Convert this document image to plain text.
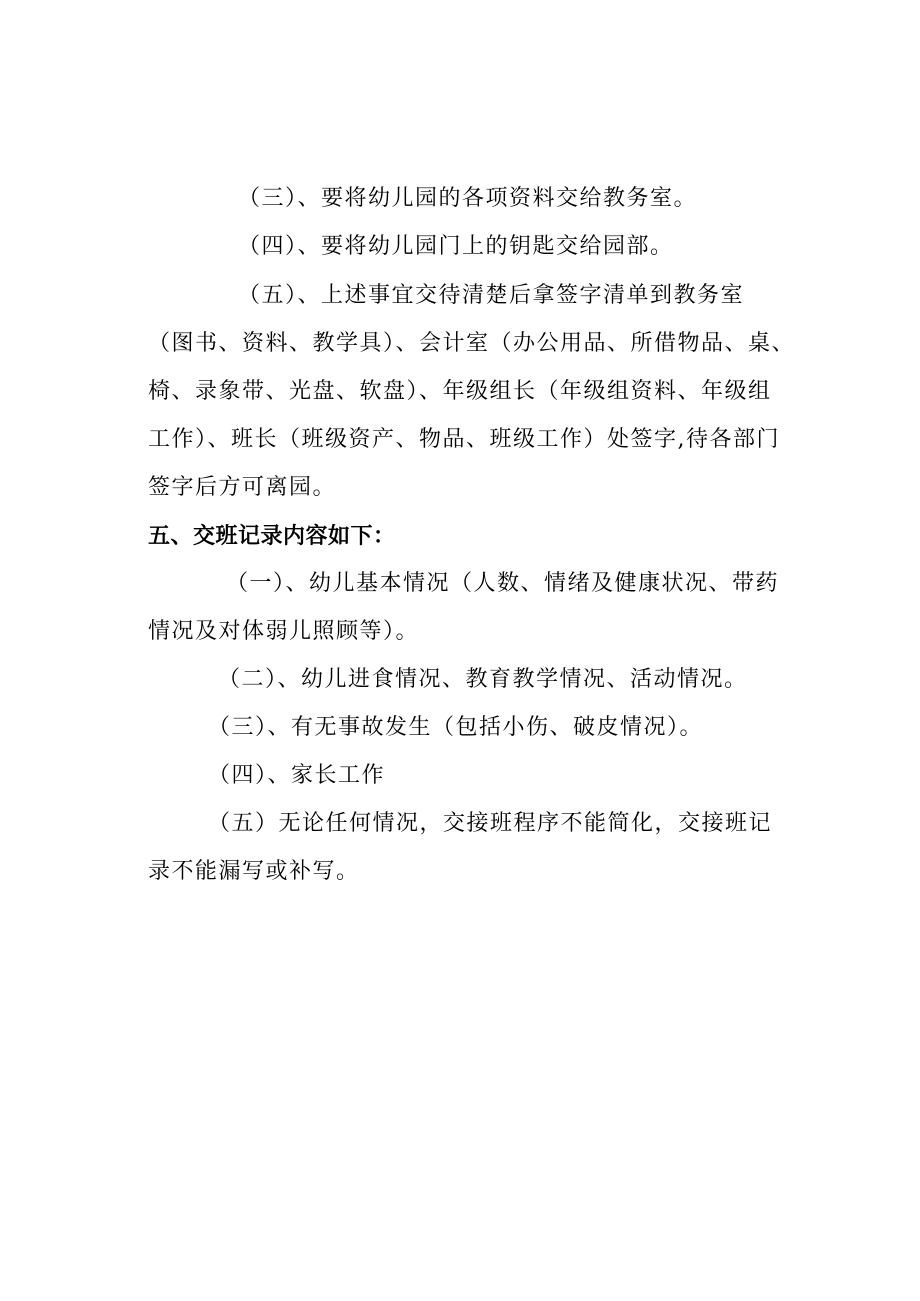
（三）、要将幼儿园的各项资料交给教务室。
（四）、要将幼儿园门上的钥匙交给园部。
（五）、上述事宜交待清楚后拿签字清单到教务室
（图书、资料、教学具）、会计室（办公用品、所借物品、桌、
椅、录象带、光盘、软盘）、年级组长（年级组资料、年级组
工作）、班长（班级资产、物品、班级工作）处签字,待各部门
签字后方可离园。
五、交班记录内容如下：
（一）、幼儿基本情况（人数、情绪及健康状况、带药
情况及对体弱儿照顾等）。
（二）、幼儿进食情况、教育教学情况、活动情况。
（三）、有无事故发生（包括小伤、破皮情况）。
（四）、家长工作
（五）无论任何情况，交接班程序不能简化，交接班记
录不能漏写或补写。
